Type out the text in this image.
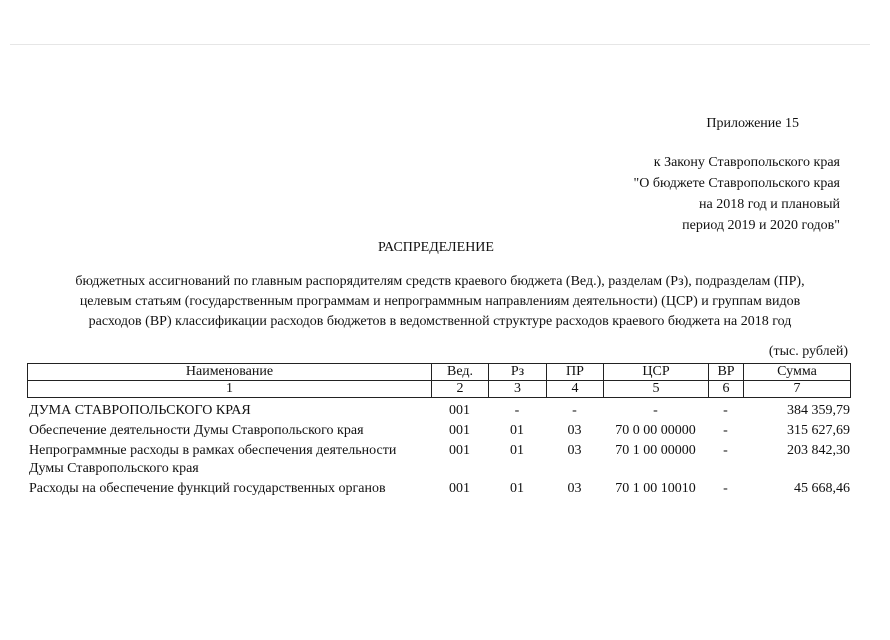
Приложение 15
к Закону Ставропольского края
"О бюджете Ставропольского края
на 2018 год и плановый
период 2019 и 2020 годов"
РАСПРЕДЕЛЕНИЕ
бюджетных ассигнований по главным распорядителям средств краевого бюджета (Вед.), разделам (Рз), подразделам (ПР),
целевым статьям (государственным программам и непрограммным направлениям деятельности) (ЦСР) и группам видов
расходов (ВР) классификации расходов бюджетов в ведомственной структуре расходов краевого бюджета на 2018 год
(тыс. рублей)
Наименование	Вед.	Рз	ПР	ЦСР	ВР	Сумма
1	2	3	4	5	6	7
ДУМА СТАВРОПОЛЬСКОГО КРАЯ	001	-	-	-	-	384 359,79
Обеспечение деятельности Думы Ставропольского края	001	01	03	70 0 00 00000	-	315 627,69
Непрограммные расходы в рамках обеспечения деятельности Думы Ставропольского края	001	01	03	70 1 00 00000	-	203 842,30
Расходы на обеспечение функций государственных органов	001	01	03	70 1 00 10010	-	45 668,46
